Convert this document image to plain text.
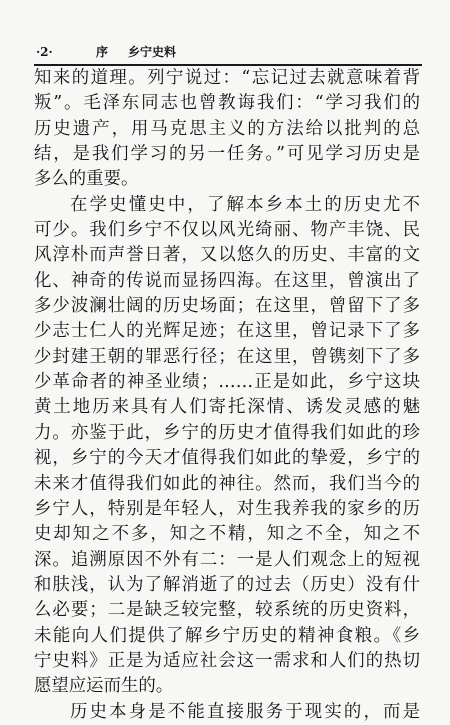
·2·	序 乡宁史料
知来的道理。列宁说过：“忘记过去就意味着背
叛”。毛泽东同志也曾教诲我们：“学习我们的
历史遗产，用马克思主义的方法给以批判的总
结，是我们学习的另一任务。”可见学习历史是
多么的重要。
在学史懂史中，了解本乡本土的历史尤不
可少。我们乡宁不仅以风光绮丽、物产丰饶、民
风淳朴而声誉日著，又以悠久的历史、丰富的文
化、神奇的传说而显扬四海。在这里，曾演出了
多少波澜壮阔的历史场面；在这里，曾留下了多
少志士仁人的光辉足迹；在这里，曾记录下了多
少封建王朝的罪恶行径；在这里，曾镌刻下了多
少革命者的神圣业绩；……正是如此，乡宁这块
黄土地历来具有人们寄托深情、诱发灵感的魅
力。亦鉴于此，乡宁的历史才值得我们如此的珍
视，乡宁的今天才值得我们如此的挚爱，乡宁的
未来才值得我们如此的神往。然而，我们当今的
乡宁人，特别是年轻人，对生我养我的家乡的历
史却知之不多，知之不精，知之不全，知之不
深。追溯原因不外有二：一是人们观念上的短视
和肤浅，认为了解消逝了的过去（历史）没有什
么必要；二是缺乏较完整，较系统的历史资料，
未能向人们提供了解乡宁历史的精神食粮。《乡
宁史料》正是为适应社会这一需求和人们的热切
愿望应运而生的。
历史本身是不能直接服务于现实的，而是
